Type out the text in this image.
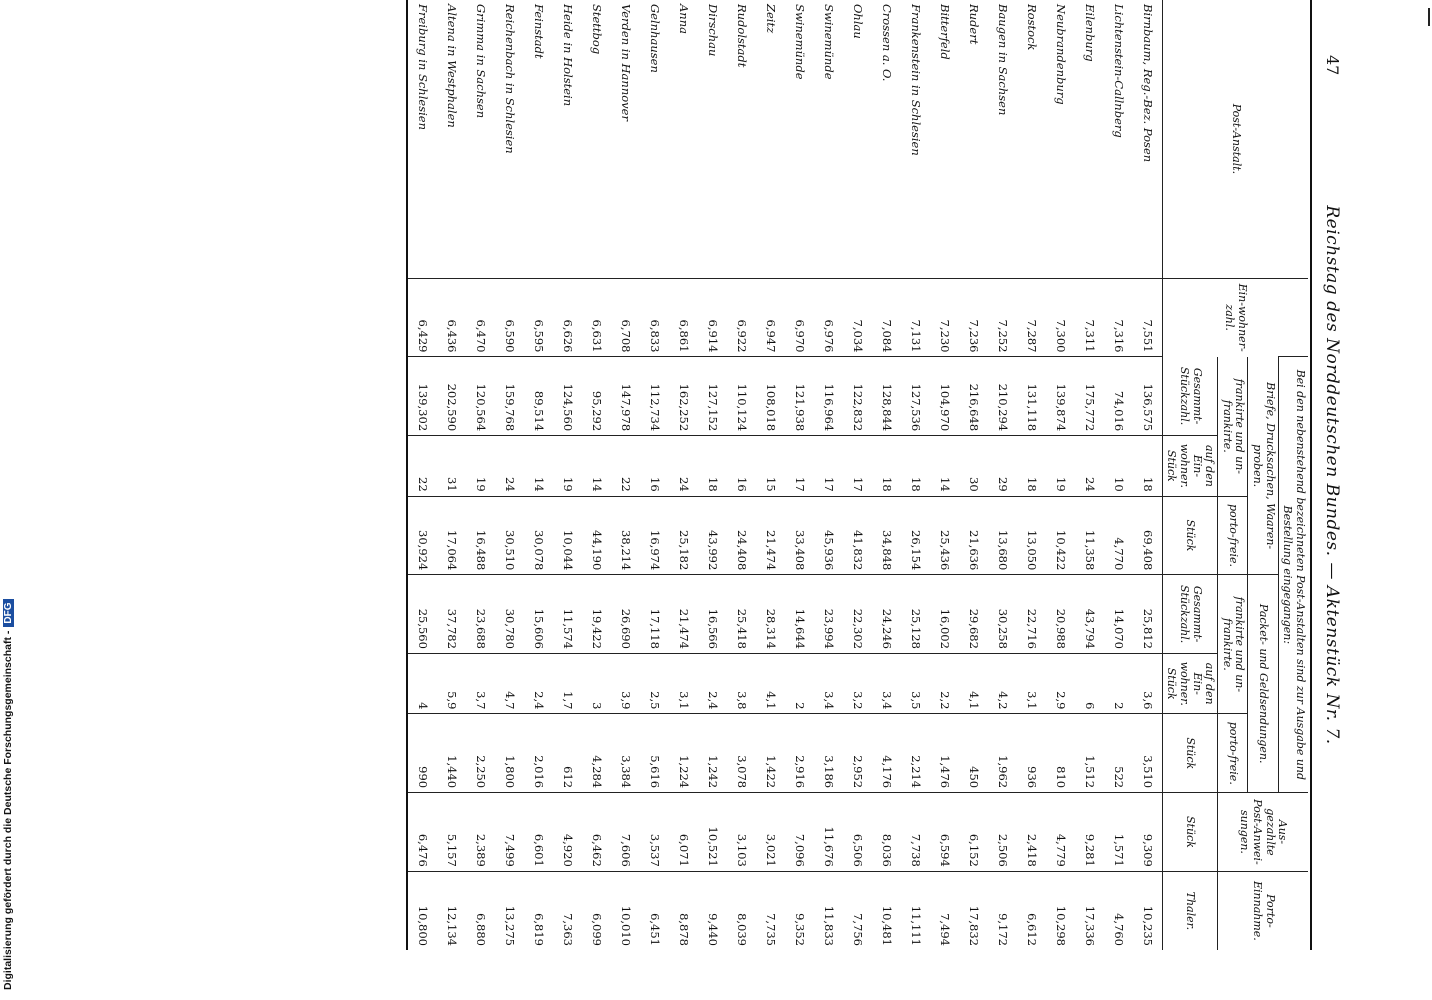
Digitalisierung gefördert durch die Deutsche Forschungsgemeinschaft -DFG
47
Reichstag des Norddeutschen Bundes. — Aktenstück Nr. 7.
Post-Anstalt.	Ein-wohner-zahl.	Bei den nebenstehend bezeichneten Post-Anstalten sind zur Ausgabe und Bestellung eingegangen:						Aus-gezahlte Post-Anwei-sungen.	Porto-Einnahme.
		Briefe, Drucksachen, Waaren-proben.			Packet- und Geldsendungen.				
		frankirte und un-frankirte.		porto-freie.	frankirte und un-frankirte.		porto-freie.		
		Gesammt-Stückzahl.	auf den Ein-wohner.
Stück	Stück	Gesammt-Stückzahl.	auf den Ein-wohner.
Stück	Stück	Stück	Thaler.
Birnbaum, Reg.-Bez. Posen	7,551	136,575	18	69,408	25,812	3,6	3,510	9,309	10,235
Lichtenstein-Callnberg	7,316	74,016	10	4,770	14,070	2	522	1,571	4,760
Eilenburg	7,311	175,772	24	11,358	43,794	6	1,512	9,281	17,336
Neubrandenburg	7,300	139,874	19	10,422	20,988	2,9	810	4,779	10,298
Rostock	7,287	131,118	18	13,050	22,716	3,1	936	2,418	6,612
Baugen in Sachsen	7,252	210,294	29	13,680	30,258	4,2	1,962	2,506	9,172
Rudert	7,236	216,648	30	21,636	29,682	4,1	450	6,152	17,832
Bitterfeld	7,230	104,970	14	25,436	16,002	2,2	1,476	6,594	7,494
Frankenstein in Schlesien	7,131	127,536	18	26,154	25,128	3,5	2,214	7,738	11,111
Crossen a. O.	7,084	128,844	18	34,848	24,246	3,4	4,176	8,036	10,481
Ohlau	7,034	122,832	17	41,832	22,302	3,2	2,952	6,506	7,756
Swinemünde	6,976	116,964	17	45,936	23,994	3,4	3,186	11,676	11,833
Swinemünde	6,970	121,938	17	33,408	14,644	2	2,916	7,096	9,352
Zeitz	6,947	108,018	15	21,474	28,314	4,1	1,422	3,021	7,735
Rudolstadt	6,922	110,124	16	24,408	25,418	3,8	3,078	3,103	8,039
Dirschau	6,914	127,152	18	43,992	16,566	2,4	1,242	10,521	9,440
Anna	6,861	162,252	24	25,182	21,474	3,1	1,224	6,071	8,878
Gelnhausen	6,833	112,734	16	16,974	17,118	2,5	5,616	3,537	6,451
Verden in Hannover	6,708	147,978	22	38,214	26,690	3,9	3,384	7,606	10,010
Stettbog	6,631	95,292	14	44,190	19,422	3	4,284	6,462	6,099
Heide in Holstein	6,626	124,560	19	10,044	11,574	1,7	612	4,920	7,363
Feinstadt	6,595	89,514	14	30,078	15,606	2,4	2,016	6,601	6,819
Reichenbach in Schlesien	6,590	159,768	24	30,510	30,780	4,7	1,800	7,499	13,275
Grimma in Sachsen	6,470	120,564	19	16,488	23,688	3,7	2,250	2,389	6,880
Altena in Westphalen	6,436	202,590	31	17,064	37,782	5,9	1,440	5,157	12,134
Freiburg in Schlesien	6,429	139,302	22	30,924	25,560	4	990	6,476	10,800
